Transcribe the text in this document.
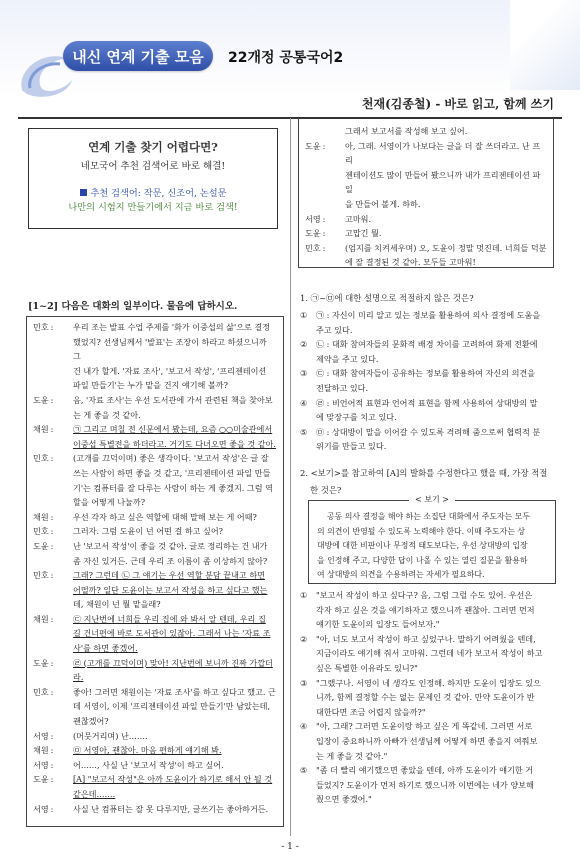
내신 연계 기출 모음	22개정 공통국어2
천재(김종철) - 바로 읽고, 함께 쓰기
연계 기출 찾기 어렵다면?
네모국어 추천 검색어로 바로 해결!
추천 검색어: 작문, 신조어, 논설문
나만의 시험지 만들기에서 지금 바로 검색!
[1~2] 다음은 대화의 일부이다. 물음에 답하시오.
민호 :	우리 조는 발표 수업 주제를 '화가 이중섭의 삶'으로 결정
했었지? 선생님께서 '발표'는 조장이 하라고 하셨으니까 그
건 내가 할게. '자료 조사', '보고서 작성', '프리젠테이션
파일 만들기'는 누가 맡을 건지 얘기해 볼까?
도윤 :	음, '자료 조사'는 우선 도서관에 가서 관련된 책을 찾아보
는 게 좋을 것 같아.
채원 :	㉠ 그리고 며칠 전 신문에서 봤는데, 요즘 ○○미술관에서
이중섭 특별전을 하더라고. 거기도 다녀오면 좋을 것 같아.
민호 :	(고개를 끄덕이며) 좋은 생각이다. '보고서 작성'은 글 잘
쓰는 사람이 하면 좋을 것 같고, '프리젠테이션 파일 만들
기'는 컴퓨터를 잘 다루는 사람이 하는 게 좋겠지. 그럼 역
할을 어떻게 나눌까?
채원 :	우선 각자 하고 싶은 역할에 대해 말해 보는 게 어때?
민호 :	그러자. 그럼 도윤이 넌 어떤 걸 하고 싶어?
도윤 :	난 '보고서 작성'이 좋을 것 같아. 글로 정리하는 건 내가
좀 자신 있거든. 근데 우리 조 이름이 좀 이상하지 않아?
민호 :	그래? 그런데 ㉡ 그 얘기는 우선 역할 분담 끝내고 하면
어떨까? 일단 도윤이는 보고서 작성을 하고 싶다고 했는
데, 채원이 넌 뭘 맡을래?
채원 :	㉢ 지난번에 너희들 우리 집에 와 봐서 알 텐데, 우리 집
길 건너편에 바로 도서관이 있잖아. 그래서 나는 '자료 조
사'를 하면 좋겠어.
도윤 :	㉣ (고개를 끄덕이며) 맞아! 지난번에 보니까 진짜 가깝더
라.
민호 :	좋아! 그러면 채원이는 '자료 조사'를 하고 싶다고 했고. 근
데 서영이, 이제 '프리젠테이션 파일 만들기'만 남았는데,
괜찮겠어?
서영 :	(머뭇거리며) 난…….
채원 :	㉤ 서영아, 괜찮아. 마음 편하게 얘기해 봐.
서영 :	어……, 사실 난 '보고서 작성'이 하고 싶어.
도윤 :	[A] "보고서 작성"은 아까 도윤이가 하기로 해서 안 될 것
같은데…….
서영 :	사실 난 컴퓨터는 잘 못 다루지만, 글쓰기는 좋아하거든.
그래서 보고서를 작성해 보고 싶어.
도윤 :	아, 그래. 서영이가 나보다는 글을 더 잘 쓰더라고. 난 프리
젠테이션도 많이 만들어 봤으니까 내가 프리젠테이션 파일
을 만들어 볼게. 하하.
서영 :	고마워.
도윤 :	고맙긴 뭘.
민호 :	(엄지를 치켜세우며) 오, 도윤이 정말 멋진데. 너희들 덕분
에 잘 결정된 것 같아. 모두들 고마워!
1. ㉠~㉤에 대한 설명으로 적절하지 않은 것은?
①	㉠ : 자신이 미리 알고 있는 정보를 활용하여 의사 결정에 도움을
주고 있다.
②	㉡ : 대화 참여자들의 문화적 배경 차이를 고려하여 화제 전환에
제약을 주고 있다.
③	㉢ : 대화 참여자들이 공유하는 정보를 활용하여 자신의 의견을
전달하고 있다.
④	㉣ : 비언어적 표현과 언어적 표현을 함께 사용하여 상대방의 말
에 맞장구를 치고 있다.
⑤	㉤ : 상대방이 말을 이어갈 수 있도록 격려해 줌으로써 협력적 분
위기를 만들고 있다.
2. <보기>를 참고하여 [A]의 발화를 수정한다고 했을 때, 가장 적절
한 것은?
< 보기 >
공동 의사 결정을 해야 하는 소집단 대화에서 주도자는 모두
의 의견이 반영될 수 있도록 노력해야 한다. 이때 주도자는 상
대방에 대한 비판이나 무정적 태도보다는, 우선 상대방의 입장
을 인정해 주고, 다양한 답이 나올 수 있는 열린 질문을 활용하
여 상대방의 의견을 수용하려는 자세가 필요하다.
①	"보고서 작성이 하고 싶다구? 음, 그럼 그럴 수도 있어. 우선은
각자 하고 싶은 것을 얘기하자고 했으니까 괜찮아. 그러면 먼저
얘기한 도윤이의 입장도 들어보자."
②	"아, 너도 보고서 작성이 하고 싶었구나. 말하기 어려웠을 텐데,
지금이라도 얘기해 줘서 고마워. 그런데 네가 보고서 작성이 하고
싶은 특별한 이유라도 있니?"
③	"그랬구나. 서영이 네 생각도 인정해. 하지만 도윤이 입장도 있으
니까, 함께 결정할 수는 없는 문제인 것 같아. 만약 도윤이가 반
대한다면 조금 어렵지 않을까?"
④	"아, 그래? 그러면 도윤이랑 하고 싶은 게 똑같네. 그러면 서로
입장이 중요하니까 아빠가 선생님께 어떻게 하면 좋을지 여쭤보
는 게 좋을 것 같아."
⑤	"좀 더 빨리 얘기했으면 좋았을 텐데, 아까 도윤이가 얘기한 거
들었지? 도윤이가 먼저 하기로 했으니까 이번에는 네가 양보해
줬으면 좋겠어."
- 1 -
